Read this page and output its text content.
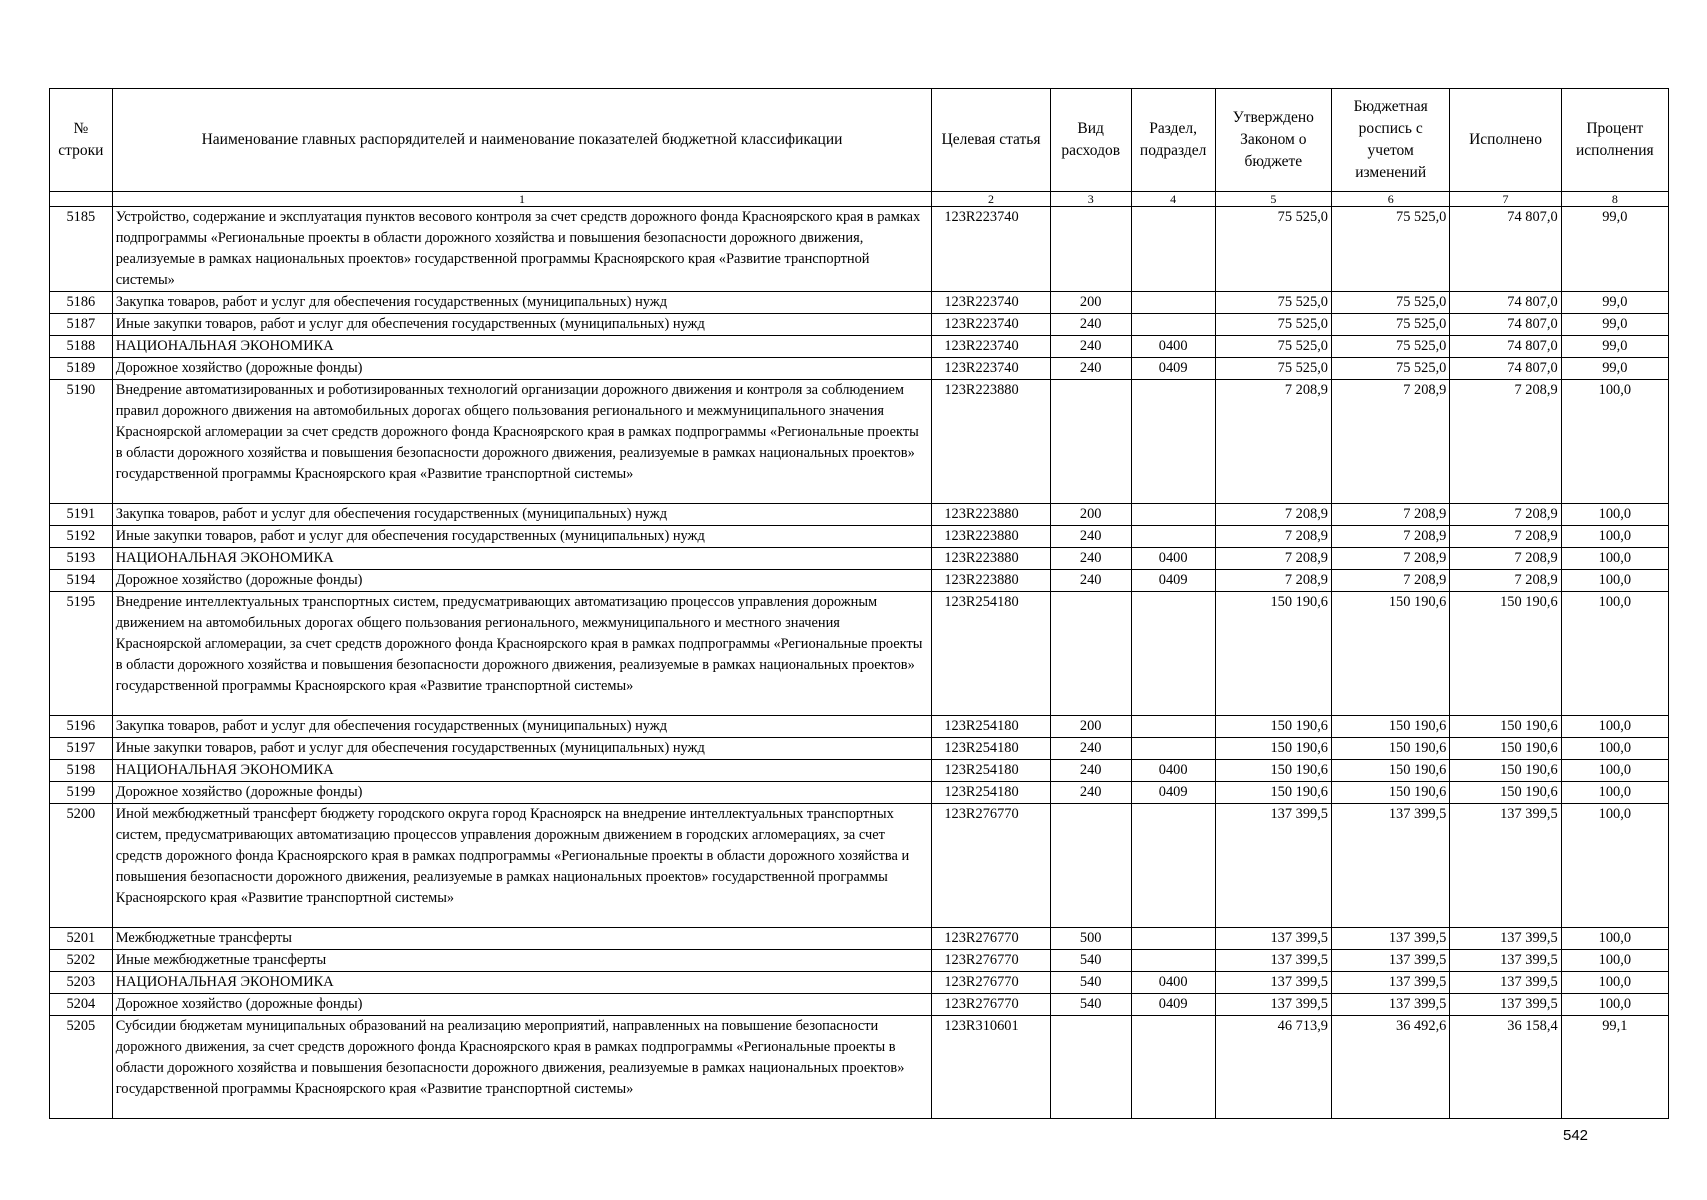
№ строки	Наименование главных распорядителей и наименование показателей бюджетной классификации	Целевая статья	Вид расходов	Раздел, подраздел	Утверждено Законом о бюджете	Бюджетная роспись с учетом изменений	Исполнено	Процент исполнения
	1	2	3	4	5	6	7	8
5185	Устройство, содержание и эксплуатация пунктов весового контроля за счет средств дорожного фонда Красноярского края в рамках подпрограммы «Региональные проекты в области дорожного хозяйства и повышения безопасности дорожного движения, реализуемые в рамках национальных проектов» государственной программы Красноярского края «Развитие транспортной системы»	123R223740			75 525,0	75 525,0	74 807,0	99,0
5186	Закупка товаров, работ и услуг для обеспечения государственных (муниципальных) нужд	123R223740	200		75 525,0	75 525,0	74 807,0	99,0
5187	Иные закупки товаров, работ и услуг для обеспечения государственных (муниципальных) нужд	123R223740	240		75 525,0	75 525,0	74 807,0	99,0
5188	НАЦИОНАЛЬНАЯ ЭКОНОМИКА	123R223740	240	0400	75 525,0	75 525,0	74 807,0	99,0
5189	Дорожное хозяйство (дорожные фонды)	123R223740	240	0409	75 525,0	75 525,0	74 807,0	99,0
5190	Внедрение автоматизированных и роботизированных технологий организации дорожного движения и контроля за соблюдением правил дорожного движения на автомобильных дорогах общего пользования регионального и межмуниципального значения Красноярской агломерации за счет средств дорожного фонда Красноярского края в рамках подпрограммы «Региональные проекты в области дорожного хозяйства и повышения безопасности дорожного движения, реализуемые в рамках национальных проектов» государственной программы Красноярского края «Развитие транспортной системы»	123R223880			7 208,9	7 208,9	7 208,9	100,0
5191	Закупка товаров, работ и услуг для обеспечения государственных (муниципальных) нужд	123R223880	200		7 208,9	7 208,9	7 208,9	100,0
5192	Иные закупки товаров, работ и услуг для обеспечения государственных (муниципальных) нужд	123R223880	240		7 208,9	7 208,9	7 208,9	100,0
5193	НАЦИОНАЛЬНАЯ ЭКОНОМИКА	123R223880	240	0400	7 208,9	7 208,9	7 208,9	100,0
5194	Дорожное хозяйство (дорожные фонды)	123R223880	240	0409	7 208,9	7 208,9	7 208,9	100,0
5195	Внедрение интеллектуальных транспортных систем, предусматривающих автоматизацию процессов управления дорожным движением на автомобильных дорогах общего пользования регионального, межмуниципального и местного значения Красноярской агломерации, за счет средств дорожного фонда Красноярского края в рамках подпрограммы «Региональные проекты в области дорожного хозяйства и повышения безопасности дорожного движения, реализуемые в рамках национальных проектов» государственной программы Красноярского края «Развитие транспортной системы»	123R254180			150 190,6	150 190,6	150 190,6	100,0
5196	Закупка товаров, работ и услуг для обеспечения государственных (муниципальных) нужд	123R254180	200		150 190,6	150 190,6	150 190,6	100,0
5197	Иные закупки товаров, работ и услуг для обеспечения государственных (муниципальных) нужд	123R254180	240		150 190,6	150 190,6	150 190,6	100,0
5198	НАЦИОНАЛЬНАЯ ЭКОНОМИКА	123R254180	240	0400	150 190,6	150 190,6	150 190,6	100,0
5199	Дорожное хозяйство (дорожные фонды)	123R254180	240	0409	150 190,6	150 190,6	150 190,6	100,0
5200	Иной межбюджетный трансферт бюджету городского округа город Красноярск на внедрение интеллектуальных транспортных систем, предусматривающих автоматизацию процессов управления дорожным движением в городских агломерациях, за счет средств дорожного фонда Красноярского края в рамках подпрограммы «Региональные проекты в области дорожного хозяйства и повышения безопасности дорожного движения, реализуемые в рамках национальных проектов» государственной программы Красноярского края «Развитие транспортной системы»	123R276770			137 399,5	137 399,5	137 399,5	100,0
5201	Межбюджетные трансферты	123R276770	500		137 399,5	137 399,5	137 399,5	100,0
5202	Иные межбюджетные трансферты	123R276770	540		137 399,5	137 399,5	137 399,5	100,0
5203	НАЦИОНАЛЬНАЯ ЭКОНОМИКА	123R276770	540	0400	137 399,5	137 399,5	137 399,5	100,0
5204	Дорожное хозяйство (дорожные фонды)	123R276770	540	0409	137 399,5	137 399,5	137 399,5	100,0
5205	Субсидии бюджетам муниципальных образований на реализацию мероприятий, направленных на повышение безопасности дорожного движения, за счет средств дорожного фонда Красноярского края в рамках подпрограммы «Региональные проекты в области дорожного хозяйства и повышения безопасности дорожного движения, реализуемые в рамках национальных проектов» государственной программы Красноярского края «Развитие транспортной системы»	123R310601			46 713,9	36 492,6	36 158,4	99,1
542
